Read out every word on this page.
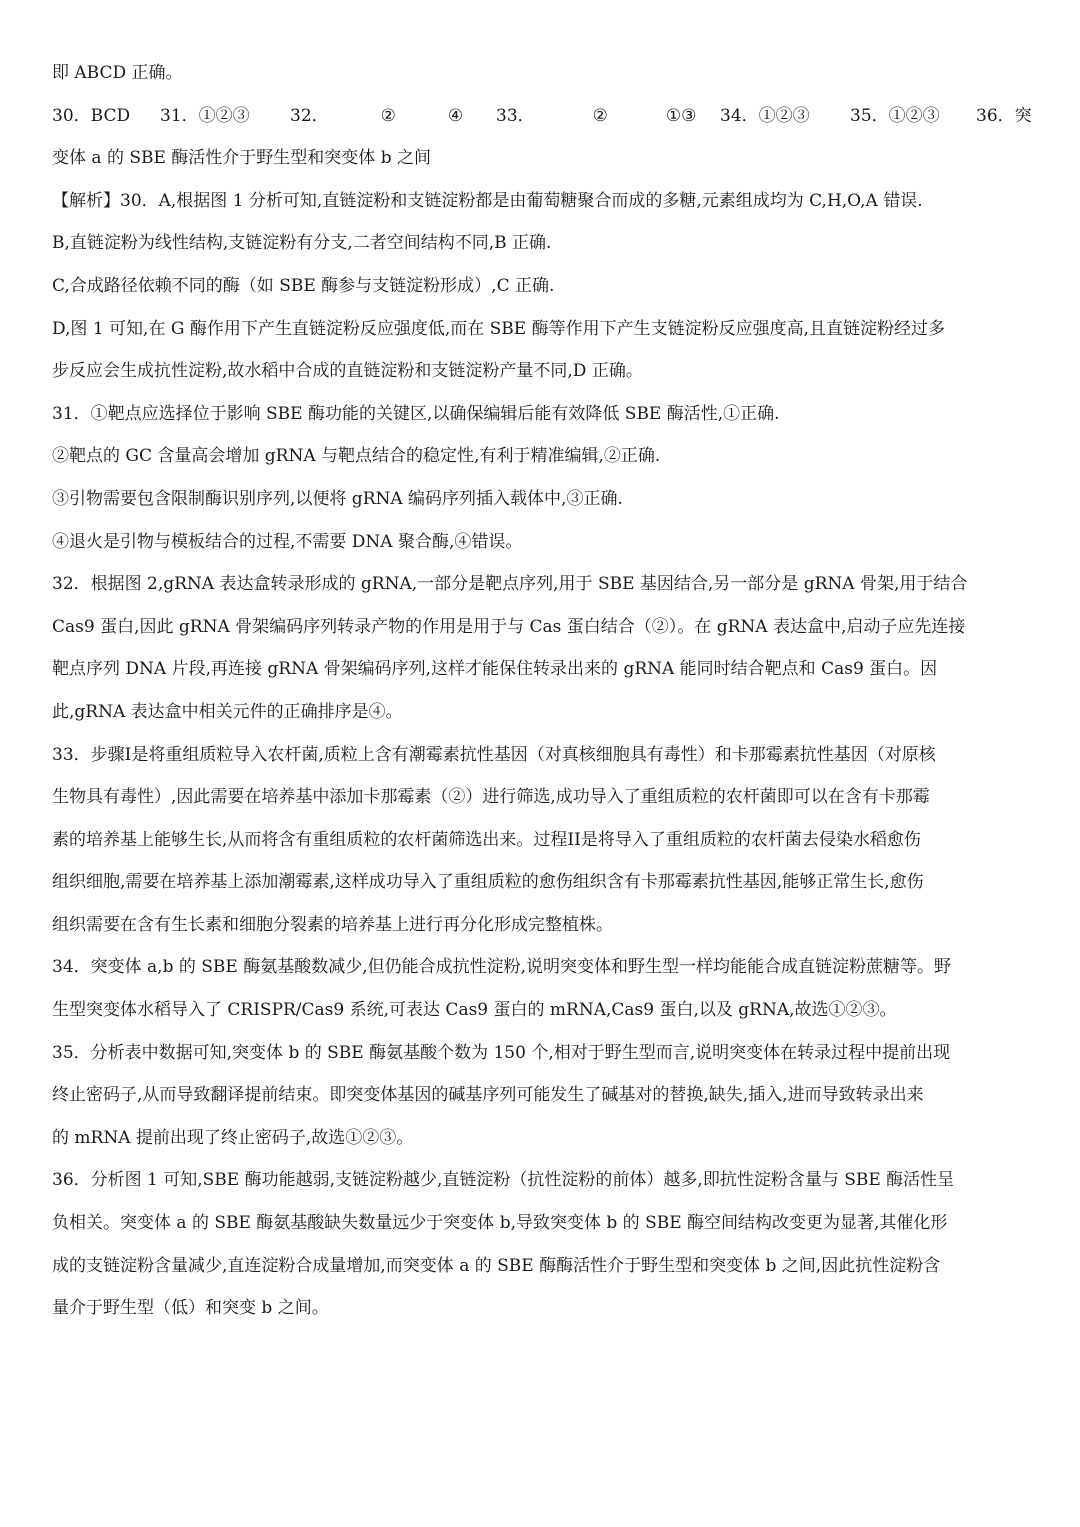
即 ABCD 正确。
30．BCD	31．①②③	32．	②	④	33．	②	①③	34．①②③	35．①②③	36．突
变体 a 的 SBE 酶活性介于野生型和突变体 b 之间
【解析】30．A,根据图 1 分析可知,直链淀粉和支链淀粉都是由葡萄糖聚合而成的多糖,元素组成均为 C,H,O,A 错误.
B,直链淀粉为线性结构,支链淀粉有分支,二者空间结构不同,B 正确.
C,合成路径依赖不同的酶（如 SBE 酶参与支链淀粉形成）,C 正确.
D,图 1 可知,在 G 酶作用下产生直链淀粉反应强度低,而在 SBE 酶等作用下产生支链淀粉反应强度高,且直链淀粉经过多
步反应会生成抗性淀粉,故水稻中合成的直链淀粉和支链淀粉产量不同,D 正确。
31．①靶点应选择位于影响 SBE 酶功能的关键区,以确保编辑后能有效降低 SBE 酶活性,①正确.
②靶点的 GC 含量高会增加 gRNA 与靶点结合的稳定性,有利于精准编辑,②正确.
③引物需要包含限制酶识别序列,以便将 gRNA 编码序列插入载体中,③正确.
④退火是引物与模板结合的过程,不需要 DNA 聚合酶,④错误。
32．根据图 2,gRNA 表达盒转录形成的 gRNA,一部分是靶点序列,用于 SBE 基因结合,另一部分是 gRNA 骨架,用于结合
Cas9 蛋白,因此 gRNA 骨架编码序列转录产物的作用是用于与 Cas 蛋白结合（②）。在 gRNA 表达盒中,启动子应先连接
靶点序列 DNA 片段,再连接 gRNA 骨架编码序列,这样才能保住转录出来的 gRNA 能同时结合靶点和 Cas9 蛋白。因
此,gRNA 表达盒中相关元件的正确排序是④。
33．步骤I是将重组质粒导入农杆菌,质粒上含有潮霉素抗性基因（对真核细胞具有毒性）和卡那霉素抗性基因（对原核
生物具有毒性）,因此需要在培养基中添加卡那霉素（②）进行筛选,成功导入了重组质粒的农杆菌即可以在含有卡那霉
素的培养基上能够生长,从而将含有重组质粒的农杆菌筛选出来。过程II是将导入了重组质粒的农杆菌去侵染水稻愈伤
组织细胞,需要在培养基上添加潮霉素,这样成功导入了重组质粒的愈伤组织含有卡那霉素抗性基因,能够正常生长,愈伤
组织需要在含有生长素和细胞分裂素的培养基上进行再分化形成完整植株。
34．突变体 a,b 的 SBE 酶氨基酸数减少,但仍能合成抗性淀粉,说明突变体和野生型一样均能能合成直链淀粉蔗糖等。野
生型突变体水稻导入了 CRISPR/Cas9 系统,可表达 Cas9 蛋白的 mRNA,Cas9 蛋白,以及 gRNA,故选①②③。
35．分析表中数据可知,突变体 b 的 SBE 酶氨基酸个数为 150 个,相对于野生型而言,说明突变体在转录过程中提前出现
终止密码子,从而导致翻译提前结束。即突变体基因的碱基序列可能发生了碱基对的替换,缺失,插入,进而导致转录出来
的 mRNA 提前出现了终止密码子,故选①②③。
36．分析图 1 可知,SBE 酶功能越弱,支链淀粉越少,直链淀粉（抗性淀粉的前体）越多,即抗性淀粉含量与 SBE 酶活性呈
负相关。突变体 a 的 SBE 酶氨基酸缺失数量远少于突变体 b,导致突变体 b 的 SBE 酶空间结构改变更为显著,其催化形
成的支链淀粉含量减少,直连淀粉合成量增加,而突变体 a 的 SBE 酶酶活性介于野生型和突变体 b 之间,因此抗性淀粉含
量介于野生型（低）和突变 b 之间。
